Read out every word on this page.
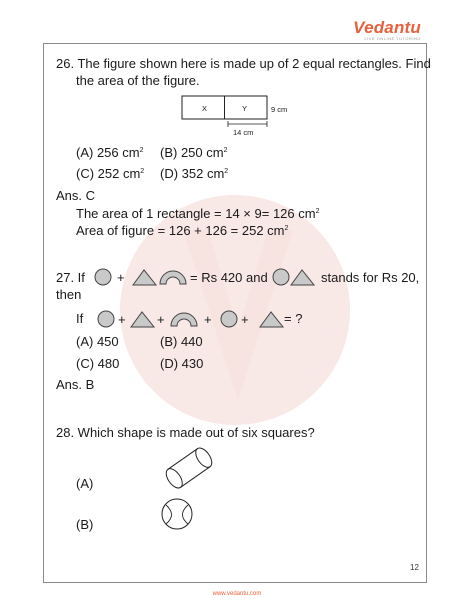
Vedantu
LIVE ONLINE TUTORING
26. The figure shown here is made up of 2 equal rectangles. Find
the area of the figure.
X	Y	9 cm
14 cm
(A) 256 $cm^2$ (B) 250 $cm^2$
(C) 252 $cm^2$ (D) 352 $cm^2$
Ans. C
The area of 1 rectangle = 14 × 9= 126 $cm^2$
Area of figure = 126 + 126 = 252 $cm^2$
27. If +	= Rs 420 and	stands for Rs 20,
then
If	+ +	+ +	= ?
(A) 450	(B) 440
(C) 480	(D) 430
Ans. B
28. Which shape is made out of six squares?
(A)
(B)
12
www.vedantu.com
